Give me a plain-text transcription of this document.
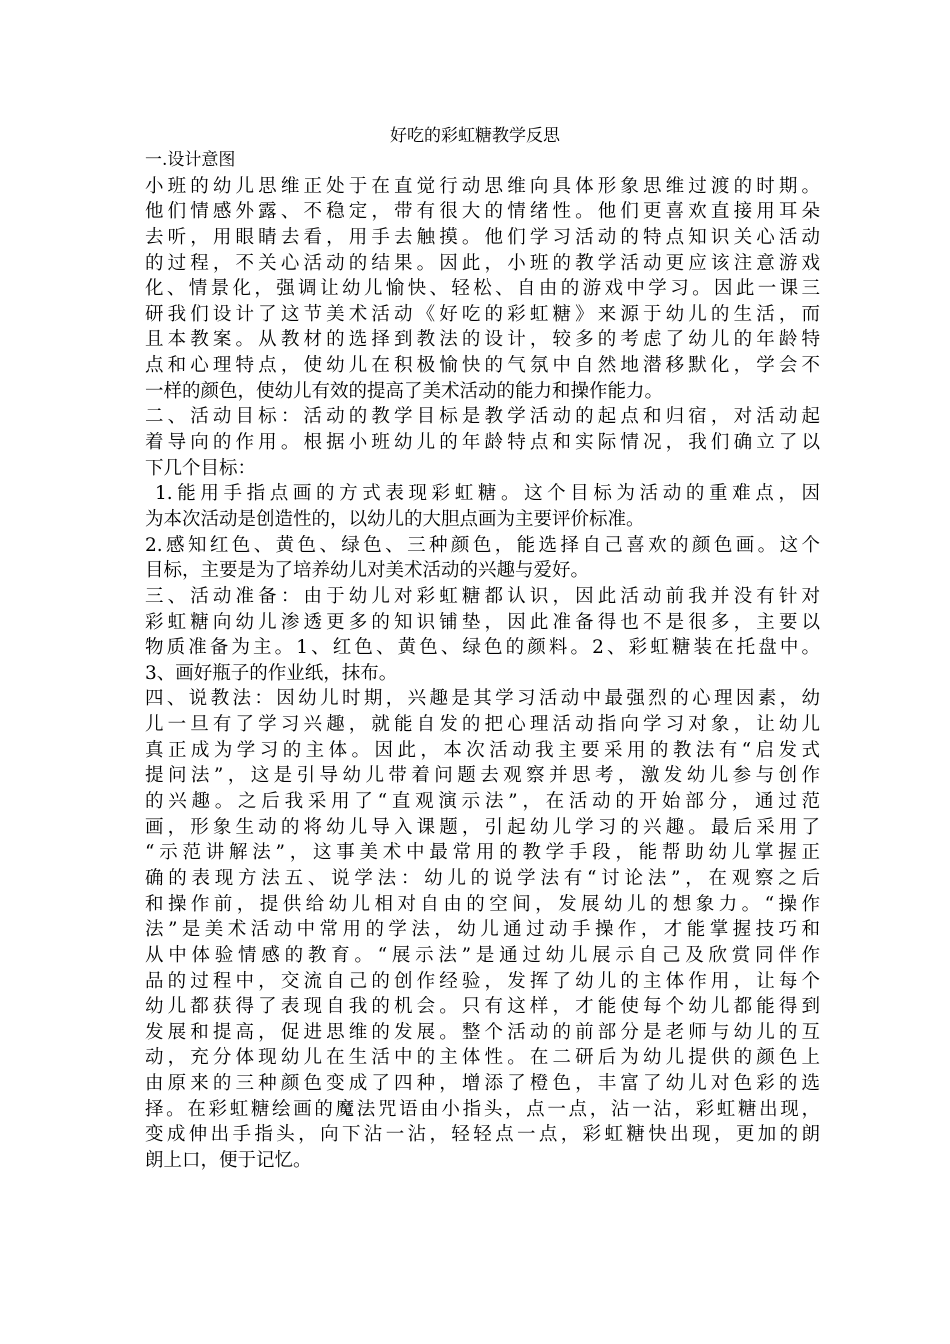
好吃的彩虹糖教学反思
一.设计意图
小班的幼儿思维正处于在直觉行动思维向具体形象思维过渡的时期。
他们情感外露、不稳定，带有很大的情绪性。他们更喜欢直接用耳朵
去听，用眼睛去看，用手去触摸。他们学习活动的特点知识关心活动
的过程，不关心活动的结果。因此，小班的教学活动更应该注意游戏
化、情景化，强调让幼儿愉快、轻松、自由的游戏中学习。因此一课三
研我们设计了这节美术活动《好吃的彩虹糖》来源于幼儿的生活，而
且本教案。从教材的选择到教法的设计，较多的考虑了幼儿的年龄特
点和心理特点，使幼儿在积极愉快的气氛中自然地潜移默化，学会不
一样的颜色，使幼儿有效的提高了美术活动的能力和操作能力。
二、活动目标：活动的教学目标是教学活动的起点和归宿，对活动起
着导向的作用。根据小班幼儿的年龄特点和实际情况，我们确立了以
下几个目标：
1.能用手指点画的方式表现彩虹糖。这个目标为活动的重难点，因
为本次活动是创造性的，以幼儿的大胆点画为主要评价标准。
2.感知红色、黄色、绿色、三种颜色，能选择自己喜欢的颜色画。这个
目标，主要是为了培养幼儿对美术活动的兴趣与爱好。
三、活动准备：由于幼儿对彩虹糖都认识，因此活动前我并没有针对
彩虹糖向幼儿渗透更多的知识铺垫，因此准备得也不是很多，主要以
物质准备为主。1、红色、黄色、绿色的颜料。2、彩虹糖装在托盘中。
3、画好瓶子的作业纸，抹布。
四、说教法：因幼儿时期，兴趣是其学习活动中最强烈的心理因素，幼
儿一旦有了学习兴趣，就能自发的把心理活动指向学习对象，让幼儿
真正成为学习的主体。因此，本次活动我主要采用的教法有“启发式
提问法”，这是引导幼儿带着问题去观察并思考，激发幼儿参与创作
的兴趣。之后我采用了“直观演示法”，在活动的开始部分，通过范
画，形象生动的将幼儿导入课题，引起幼儿学习的兴趣。最后采用了
“示范讲解法”，这事美术中最常用的教学手段，能帮助幼儿掌握正
确的表现方法五、说学法：幼儿的说学法有“讨论法”，在观察之后
和操作前，提供给幼儿相对自由的空间，发展幼儿的想象力。“操作
法”是美术活动中常用的学法，幼儿通过动手操作，才能掌握技巧和
从中体验情感的教育。“展示法”是通过幼儿展示自己及欣赏同伴作
品的过程中，交流自己的创作经验，发挥了幼儿的主体作用，让每个
幼儿都获得了表现自我的机会。只有这样，才能使每个幼儿都能得到
发展和提高，促进思维的发展。整个活动的前部分是老师与幼儿的互
动，充分体现幼儿在生活中的主体性。在二研后为幼儿提供的颜色上
由原来的三种颜色变成了四种，增添了橙色，丰富了幼儿对色彩的选
择。在彩虹糖绘画的魔法咒语由小指头，点一点，沾一沾，彩虹糖出现，
变成伸出手指头，向下沾一沾，轻轻点一点，彩虹糖快出现，更加的朗
朗上口，便于记忆。
